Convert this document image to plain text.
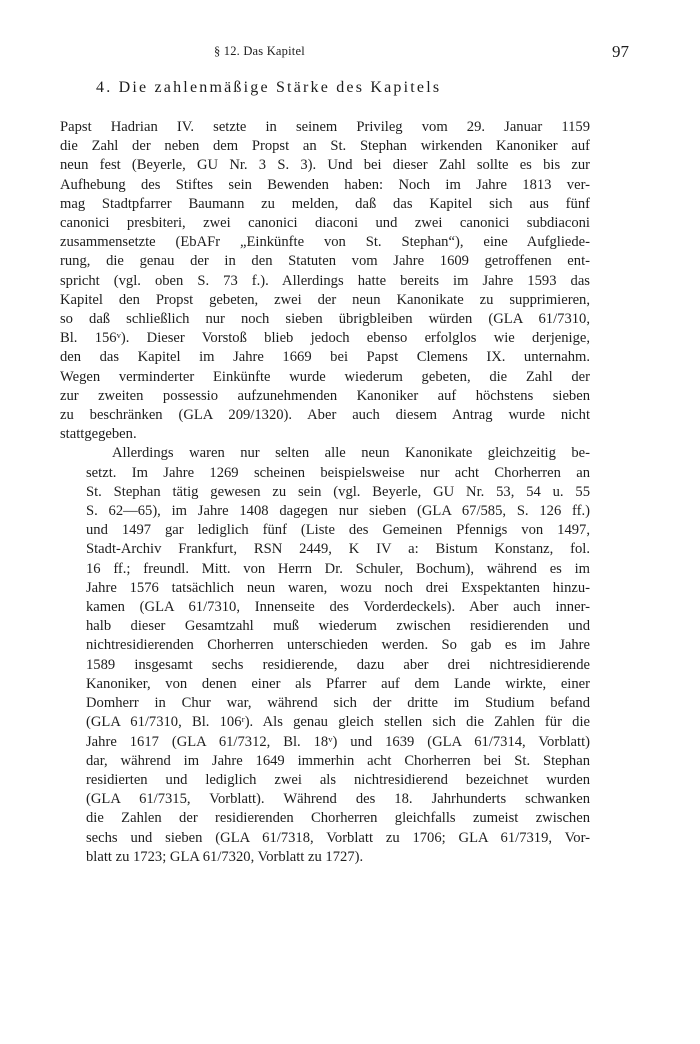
§ 12. Das Kapitel	97
4. Die zahlenmäßige Stärke des Kapitels

Papst Hadrian IV. setzte in seinem Privileg vom 29. Januar 1159
die Zahl der neben dem Propst an St. Stephan wirkenden Kanoniker auf
neun fest (Beyerle, GU Nr. 3 S. 3). Und bei dieser Zahl sollte es bis zur
Aufhebung des Stiftes sein Bewenden haben: Noch im Jahre 1813 ver-
mag Stadtpfarrer Baumann zu melden, daß das Kapitel sich aus fünf
canonici presbiteri, zwei canonici diaconi und zwei canonici subdiaconi
zusammensetzte (EbAFr „Einkünfte von St. Stephan“), eine Aufgliede-
rung, die genau der in den Statuten vom Jahre 1609 getroffenen ent-
spricht (vgl. oben S. 73 f.). Allerdings hatte bereits im Jahre 1593 das
Kapitel den Propst gebeten, zwei der neun Kanonikate zu supprimieren,
so daß schließlich nur noch sieben übrigbleiben würden (GLA 61/7310,
Bl. 156ᵛ). Dieser Vorstoß blieb jedoch ebenso erfolglos wie derjenige,
den das Kapitel im Jahre 1669 bei Papst Clemens IX. unternahm.
Wegen verminderter Einkünfte wurde wiederum gebeten, die Zahl der
zur zweiten possessio aufzunehmenden Kanoniker auf höchstens sieben
zu beschränken (GLA 209/1320). Aber auch diesem Antrag wurde nicht
stattgegeben.

Allerdings waren nur selten alle neun Kanonikate gleichzeitig be-
setzt. Im Jahre 1269 scheinen beispielsweise nur acht Chorherren an
St. Stephan tätig gewesen zu sein (vgl. Beyerle, GU Nr. 53, 54 u. 55
S. 62—65), im Jahre 1408 dagegen nur sieben (GLA 67/585, S. 126 ff.)
und 1497 gar lediglich fünf (Liste des Gemeinen Pfennigs von 1497,
Stadt-Archiv Frankfurt, RSN 2449, K IV a: Bistum Konstanz, fol.
16 ff.; freundl. Mitt. von Herrn Dr. Schuler, Bochum), während es im
Jahre 1576 tatsächlich neun waren, wozu noch drei Exspektanten hinzu-
kamen (GLA 61/7310, Innenseite des Vorderdeckels). Aber auch inner-
halb dieser Gesamtzahl muß wiederum zwischen residierenden und
nichtresidierenden Chorherren unterschieden werden. So gab es im Jahre
1589 insgesamt sechs residierende, dazu aber drei nichtresidierende
Kanoniker, von denen einer als Pfarrer auf dem Lande wirkte, einer
Domherr in Chur war, während sich der dritte im Studium befand
(GLA 61/7310, Bl. 106ʳ). Als genau gleich stellen sich die Zahlen für die
Jahre 1617 (GLA 61/7312, Bl. 18ᵛ) und 1639 (GLA 61/7314, Vorblatt)
dar, während im Jahre 1649 immerhin acht Chorherren bei St. Stephan
residierten und lediglich zwei als nichtresidierend bezeichnet wurden
(GLA 61/7315, Vorblatt). Während des 18. Jahrhunderts schwanken
die Zahlen der residierenden Chorherren gleichfalls zumeist zwischen
sechs und sieben (GLA 61/7318, Vorblatt zu 1706; GLA 61/7319, Vor-
blatt zu 1723; GLA 61/7320, Vorblatt zu 1727).
